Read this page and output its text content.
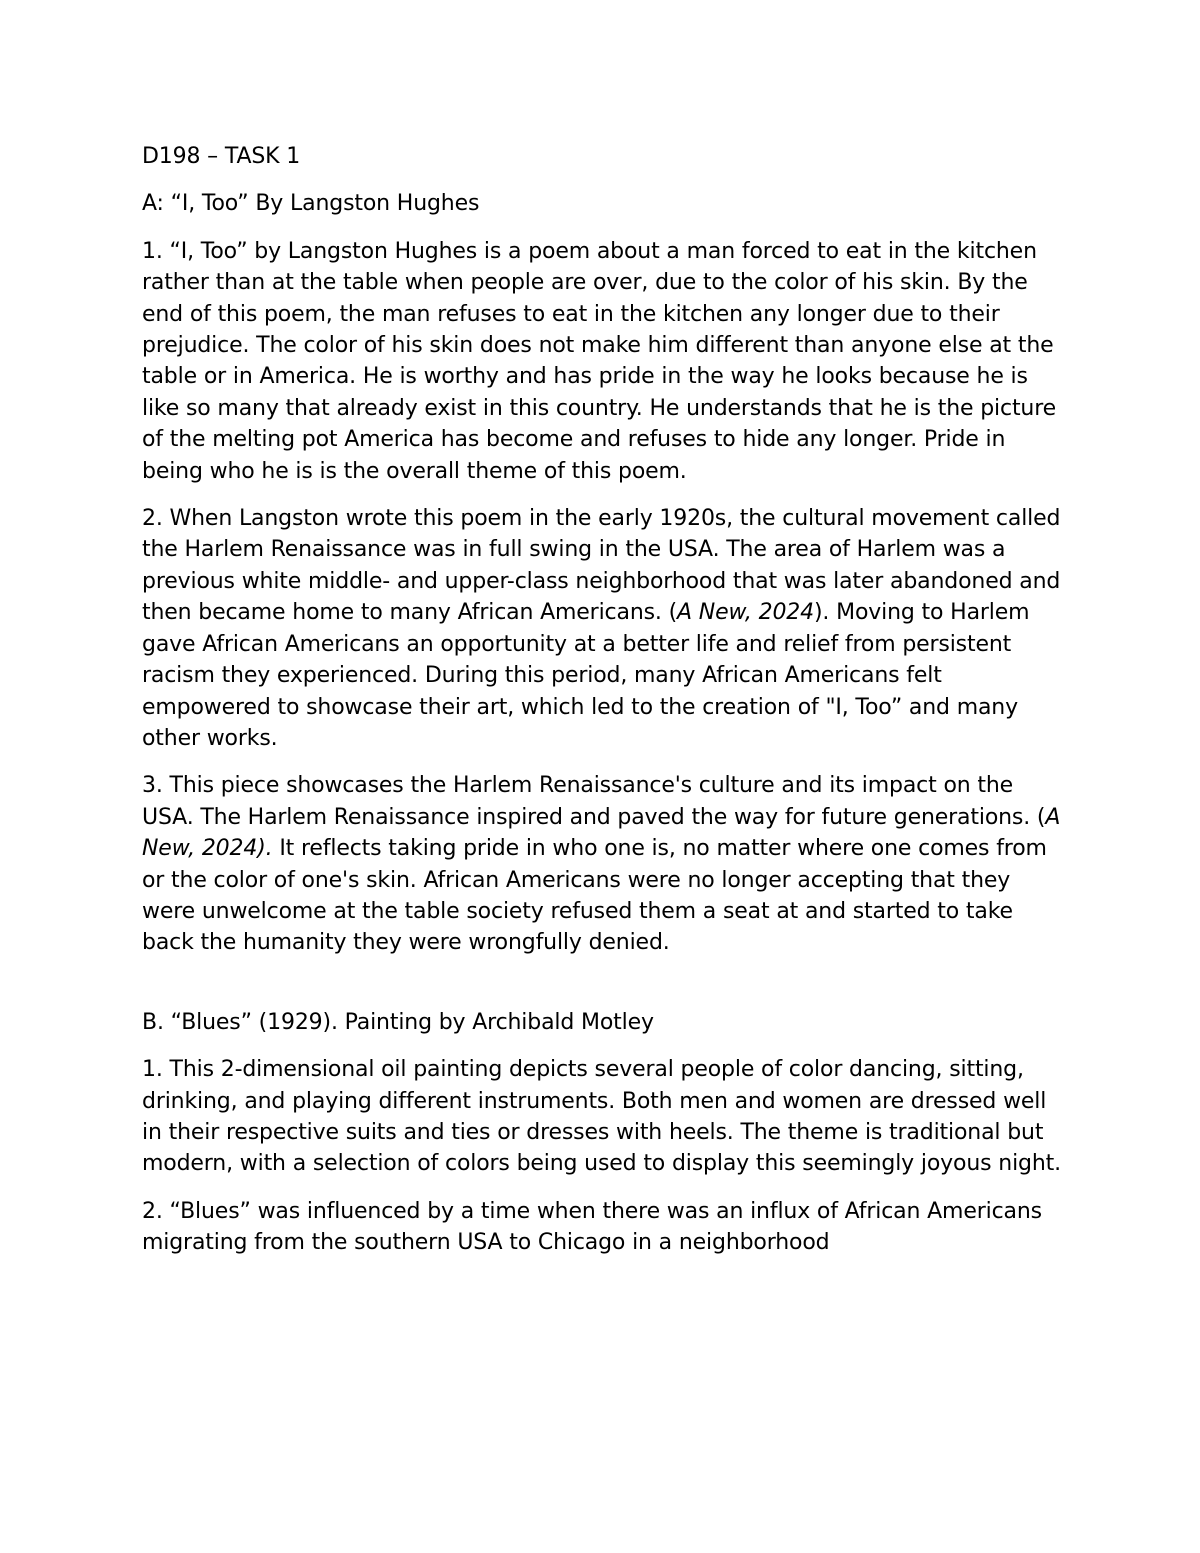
D198 – TASK 1

A: “I, Too” By Langston Hughes

1. “I, Too” by Langston Hughes is a poem about a man forced to eat in the kitchen rather than at the table when people are over, due to the color of his skin. By the end of this poem, the man refuses to eat in the kitchen any longer due to their prejudice. The color of his skin does not make him different than anyone else at the table or in America. He is worthy and has pride in the way he looks because he is like so many that already exist in this country. He understands that he is the picture of the melting pot America has become and refuses to hide any longer. Pride in being who he is is the overall theme of this poem.

2. When Langston wrote this poem in the early 1920s, the cultural movement called the Harlem Renaissance was in full swing in the USA. The area of Harlem was a previous white middle- and upper-class neighborhood that was later abandoned and then became home to many African Americans. (A New, 2024). Moving to Harlem gave African Americans an opportunity at a better life and relief from persistent racism they experienced. During this period, many African Americans felt empowered to showcase their art, which led to the creation of "I, Too” and many other works.

3. This piece showcases the Harlem Renaissance's culture and its impact on the USA. The Harlem Renaissance inspired and paved the way for future generations. (A New, 2024). It reflects taking pride in who one is, no matter where one comes from or the color of one's skin. African Americans were no longer accepting that they were unwelcome at the table society refused them a seat at and started to take back the humanity they were wrongfully denied.

B. “Blues” (1929). Painting by Archibald Motley

1. This 2-dimensional oil painting depicts several people of color dancing, sitting, drinking, and playing different instruments. Both men and women are dressed well in their respective suits and ties or dresses with heels. The theme is traditional but modern, with a selection of colors being used to display this seemingly joyous night.

2. “Blues” was influenced by a time when there was an influx of African Americans migrating from the southern USA to Chicago in a neighborhood
